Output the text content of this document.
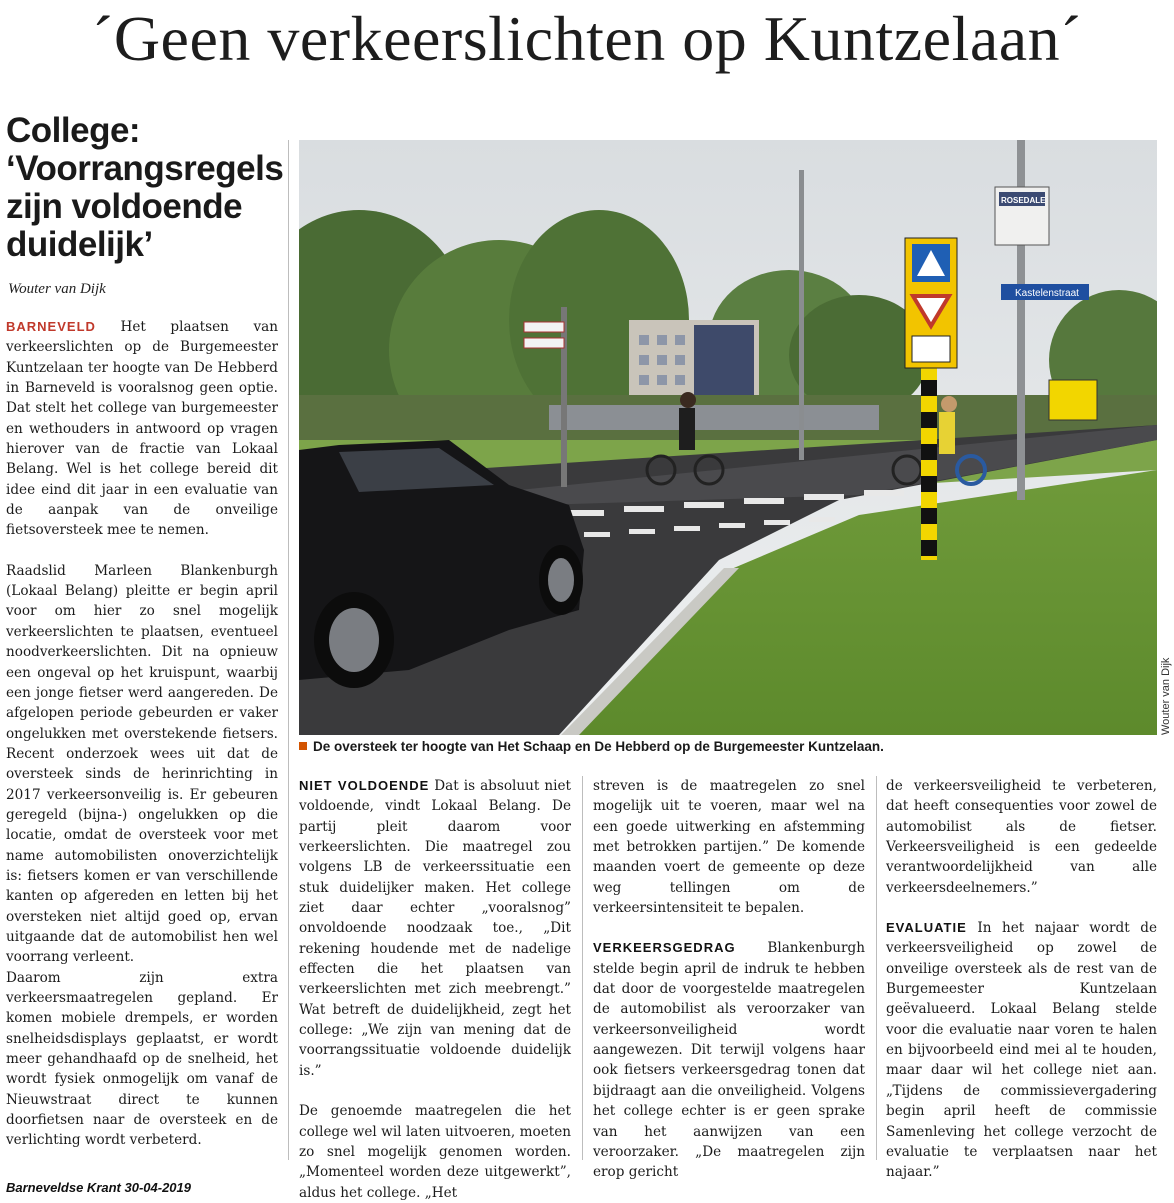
´Geen verkeerslichten op Kuntzelaan´
College:
‘Voorrangsregels
zijn voldoende
duidelijk’
Wouter van Dijk

BARNEVELD Het plaatsen van verkeerslichten op de Burgemeester Kuntzelaan ter hoogte van De Hebberd in Barneveld is vooralsnog geen optie. Dat stelt het college van burgemeester en wethouders in antwoord op vragen hierover van de fractie van Lokaal Belang. Wel is het college bereid dit idee eind dit jaar in een evaluatie van de aanpak van de onveilige fietsoversteek mee te nemen.

Raadslid Marleen Blankenburgh (Lokaal Belang) pleitte er begin april voor om hier zo snel mogelijk verkeerslichten te plaatsen, eventueel noodverkeerslichten. Dit na opnieuw een ongeval op het kruispunt, waarbij een jonge fietser werd aangereden. De afgelopen periode gebeurden er vaker ongelukken met overstekende fietsers. Recent onderzoek wees uit dat de oversteek sinds de herinrichting in 2017 verkeersonveilig is. Er gebeuren geregeld (bijna-) ongelukken op die locatie, omdat de oversteek voor met name automobilisten onoverzichtelijk is: fietsers komen er van verschillende kanten op afgereden en letten bij het oversteken niet altijd goed op, ervan uitgaande dat de automobilist hen wel voorrang verleent.

Daarom zijn extra verkeersmaatregelen gepland. Er komen mobiele drempels, er worden snelheidsdisplays geplaatst, er wordt meer gehandhaafd op de snelheid, het wordt fysiek onmogelijk om vanaf de Nieuwstraat direct te kunnen doorfietsen naar de oversteek en de verlichting wordt verbeterd.

Kastelenstraat
ROSEDALE
Wouter van Dijk
De oversteek ter hoogte van Het Schaap en De Hebberd op de Burgemeester Kuntzelaan.

NIET VOLDOENDE Dat is absoluut niet voldoende, vindt Lokaal Belang. De partij pleit daarom voor verkeerslichten. Die maatregel zou volgens LB de verkeerssituatie een stuk duidelijker maken. Het college ziet daar echter „vooralsnog” onvoldoende noodzaak toe., „Dit rekening houdende met de nadelige effecten die het plaatsen van verkeerslichten met zich meebrengt.” Wat betreft de duidelijkheid, zegt het college: „We zijn van mening dat de voorrangssituatie voldoende duidelijk is.”

De genoemde maatregelen die het college wel wil laten uitvoeren, moeten zo snel mogelijk genomen worden. „Momenteel worden deze uitgewerkt”, aldus het college. „Het

streven is de maatregelen zo snel mogelijk uit te voeren, maar wel na een goede uitwerking en afstemming met betrokken partijen.” De komende maanden voert de gemeente op deze weg tellingen om de verkeersintensiteit te bepalen.

VERKEERSGEDRAG Blankenburgh stelde begin april de indruk te hebben dat door de voorgestelde maatregelen de automobilist als veroorzaker van verkeersonveiligheid wordt aangewezen. Dit terwijl volgens haar ook fietsers verkeersgedrag tonen dat bijdraagt aan die onveiligheid. Volgens het college echter is er geen sprake van het aanwijzen van een veroorzaker. „De maatregelen zijn erop gericht

de verkeersveiligheid te verbeteren, dat heeft consequenties voor zowel de automobilist als de fietser. Verkeersveiligheid is een gedeelde verantwoordelijkheid van alle verkeersdeelnemers.”

EVALUATIE In het najaar wordt de verkeersveiligheid op zowel de onveilige oversteek als de rest van de Burgemeester Kuntzelaan geëvalueerd. Lokaal Belang stelde voor die evaluatie naar voren te halen en bijvoorbeeld eind mei al te houden, maar daar wil het college niet aan. „Tijdens de commissievergadering begin april heeft de commissie Samenleving het college verzocht de evaluatie te verplaatsen naar het najaar.”

Barneveldse Krant 30-04-2019
